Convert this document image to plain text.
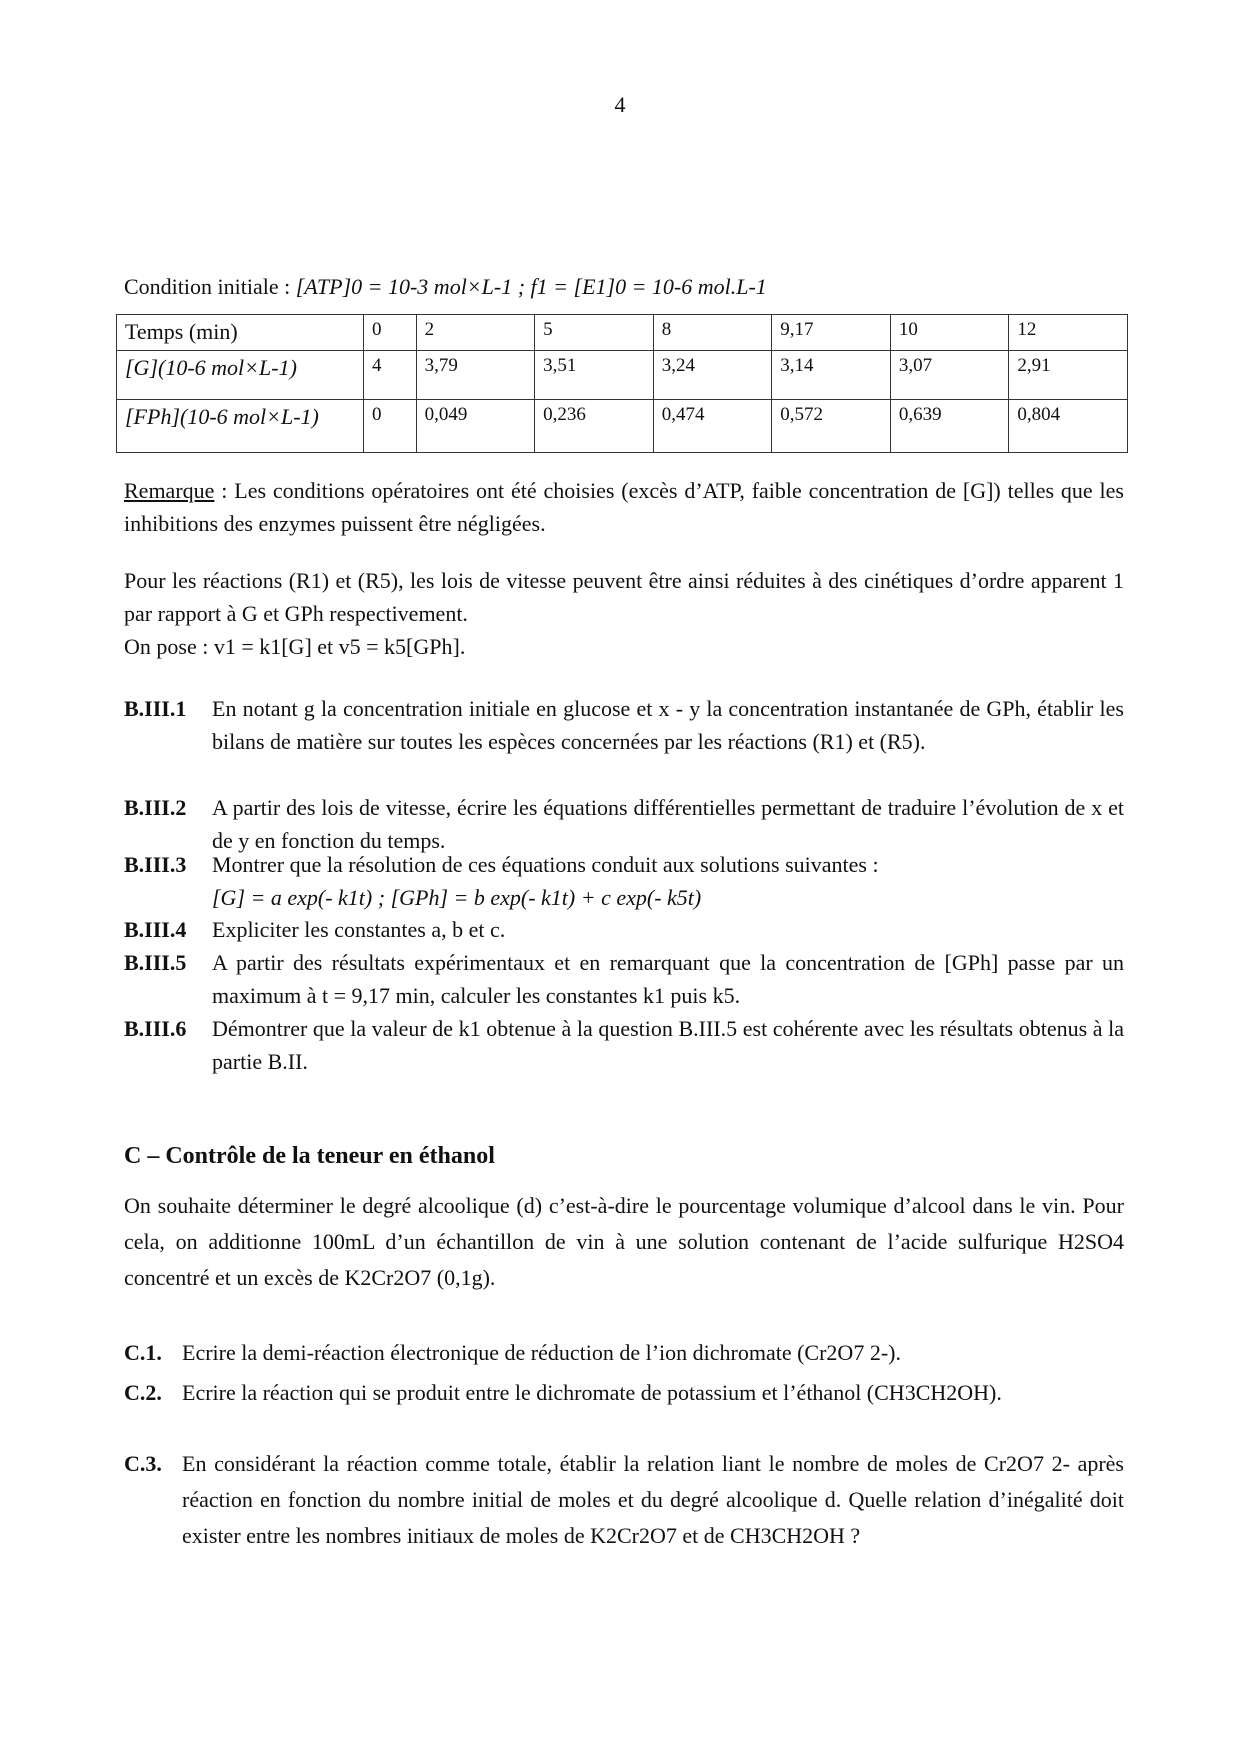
4
Condition initiale : [ATP]0 = 10-3 mol×L-1 ; f1 = [E1]0 = 10-6 mol.L-1
Temps (min)	0	2	5	8	9,17	10	12
[G](10-6 mol×L-1)	4	3,79	3,51	3,24	3,14	3,07	2,91
[FPh](10-6 mol×L-1)	0	0,049	0,236	0,474	0,572	0,639	0,804
Remarque : Les conditions opératoires ont été choisies (excès d’ATP, faible concentration de [G]) telles que les inhibitions des enzymes puissent être négligées.
Pour les réactions (R1) et (R5), les lois de vitesse peuvent être ainsi réduites à des cinétiques d’ordre apparent 1 par rapport à G et GPh respectivement.
On pose : v1 = k1[G] et v5 = k5[GPh].
B.III.1 En notant g la concentration initiale en glucose et x - y la concentration instantanée de GPh, établir les bilans de matière sur toutes les espèces concernées par les réactions (R1) et (R5).
B.III.2 A partir des lois de vitesse, écrire les équations différentielles permettant de traduire l’évolution de x et de y en fonction du temps.
B.III.3 Montrer que la résolution de ces équations conduit aux solutions suivantes :
[G] = a exp(- k1t) ; [GPh] = b exp(- k1t) + c exp(- k5t)
B.III.4 Expliciter les constantes a, b et c.
B.III.5 A partir des résultats expérimentaux et en remarquant que la concentration de [GPh] passe par un maximum à t = 9,17 min, calculer les constantes k1 puis k5.
B.III.6 Démontrer que la valeur de k1 obtenue à la question B.III.5 est cohérente avec les résultats obtenus à la partie B.II.
C – Contrôle de la teneur en éthanol
On souhaite déterminer le degré alcoolique (d) c’est-à-dire le pourcentage volumique d’alcool dans le vin. Pour cela, on additionne 100mL d’un échantillon de vin à une solution contenant de l’acide sulfurique H2SO4 concentré et un excès de K2Cr2O7 (0,1g).
C.1. Ecrire la demi-réaction électronique de réduction de l’ion dichromate (Cr2O7 2-).
C.2. Ecrire la réaction qui se produit entre le dichromate de potassium et l’éthanol (CH3CH2OH).
C.3. En considérant la réaction comme totale, établir la relation liant le nombre de moles de Cr2O7 2- après réaction en fonction du nombre initial de moles et du degré alcoolique d. Quelle relation d’inégalité doit exister entre les nombres initiaux de moles de K2Cr2O7 et de CH3CH2OH ?
